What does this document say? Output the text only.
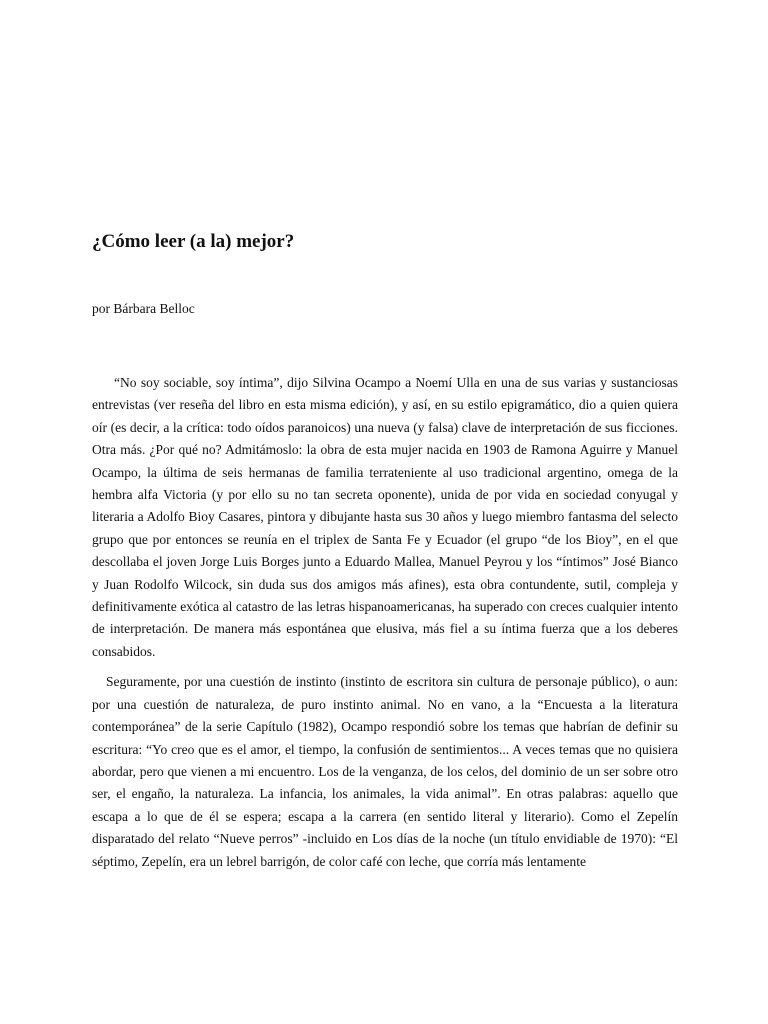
¿Cómo leer (a la) mejor?

por Bárbara Belloc

“No soy sociable, soy íntima”, dijo Silvina Ocampo a Noemí Ulla en una de sus varias y sustanciosas entrevistas (ver reseña del libro en esta misma edición), y así, en su estilo epigramático, dio a quien quiera oír (es decir, a la crítica: todo oídos paranoicos) una nueva (y falsa) clave de interpretación de sus ficciones. Otra más. ¿Por qué no? Admitámoslo: la obra de esta mujer nacida en 1903 de Ramona Aguirre y Manuel Ocampo, la última de seis hermanas de familia terrateniente al uso tradicional argentino, omega de la hembra alfa Victoria (y por ello su no tan secreta oponente), unida de por vida en sociedad conyugal y literaria a Adolfo Bioy Casares, pintora y dibujante hasta sus 30 años y luego miembro fantasma del selecto grupo que por entonces se reunía en el triplex de Santa Fe y Ecuador (el grupo “de los Bioy”, en el que descollaba el joven Jorge Luis Borges junto a Eduardo Mallea, Manuel Peyrou y los “íntimos” José Bianco y Juan Rodolfo Wilcock, sin duda sus dos amigos más afines), esta obra contundente, sutil, compleja y definitivamente exótica al catastro de las letras hispanoamericanas, ha superado con creces cualquier intento de interpretación. De manera más espontánea que elusiva, más fiel a su íntima fuerza que a los deberes consabidos.

Seguramente, por una cuestión de instinto (instinto de escritora sin cultura de personaje público), o aun: por una cuestión de naturaleza, de puro instinto animal. No en vano, a la “Encuesta a la literatura contemporánea” de la serie Capítulo (1982), Ocampo respondió sobre los temas que habrían de definir su escritura: “Yo creo que es el amor, el tiempo, la confusión de sentimientos... A veces temas que no quisiera abordar, pero que vienen a mi encuentro. Los de la venganza, de los celos, del dominio de un ser sobre otro ser, el engaño, la naturaleza. La infancia, los animales, la vida animal”. En otras palabras: aquello que escapa a lo que de él se espera; escapa a la carrera (en sentido literal y literario). Como el Zepelín disparatado del relato “Nueve perros” -incluido en Los días de la noche (un título envidiable de 1970): “El séptimo, Zepelín, era un lebrel barrigón, de color café con leche, que corría más lentamente
